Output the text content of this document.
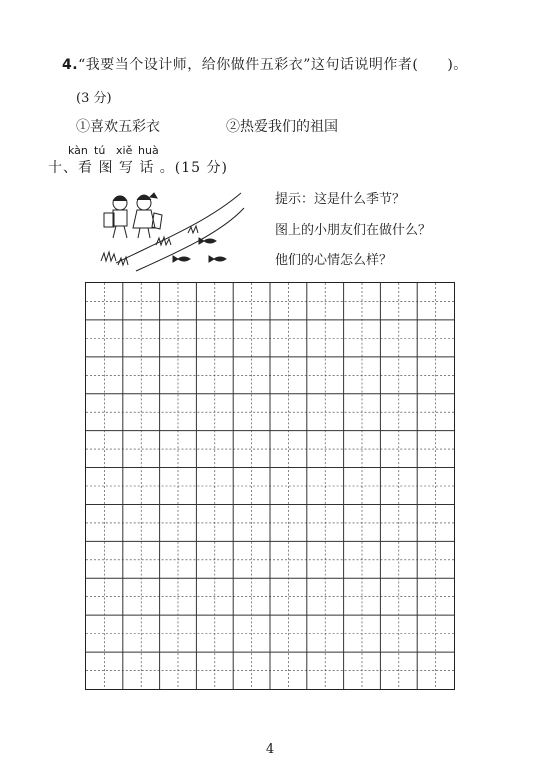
4.“我要当个设计师，给你做件五彩衣”这句话说明作者(　　)。
(3 分)
①喜欢五彩衣	②热爱我们的祖国
kàn tú xiě huà
十、看 图 写 话 。(15 分)
提示：这是什么季节？
图上的小朋友们在做什么？
他们的心情怎么样？
4
